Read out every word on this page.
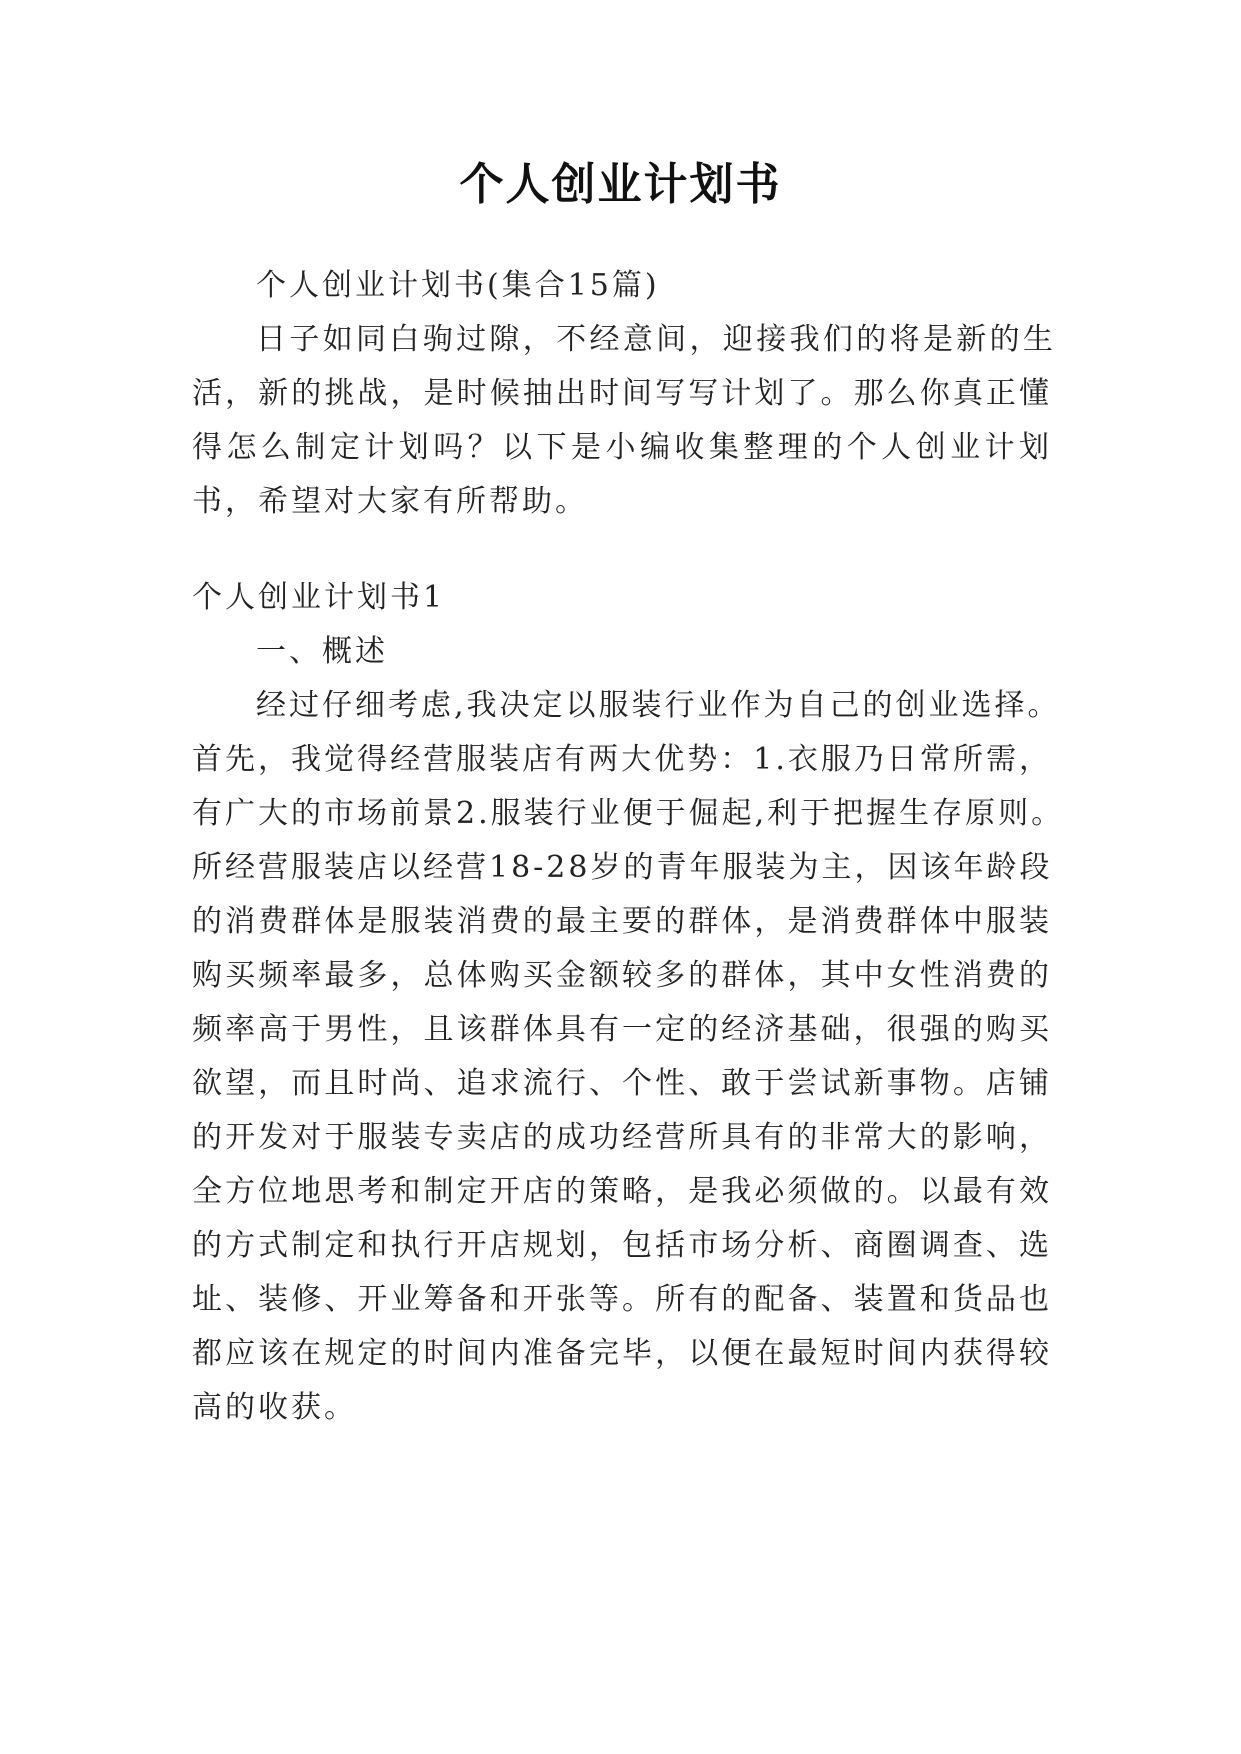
个人创业计划书
个人创业计划书(集合15篇)
日子如同白驹过隙，不经意间，迎接我们的将是新的生
活，新的挑战，是时候抽出时间写写计划了。那么你真正懂
得怎么制定计划吗？以下是小编收集整理的个人创业计划
书，希望对大家有所帮助。
个人创业计划书1
一、概述
经过仔细考虑,我决定以服装行业作为自己的创业选择。
首先，我觉得经营服装店有两大优势：1.衣服乃日常所需，
有广大的市场前景2.服装行业便于倔起,利于把握生存原则。
所经营服装店以经营18-28岁的青年服装为主，因该年龄段
的消费群体是服装消费的最主要的群体，是消费群体中服装
购买频率最多，总体购买金额较多的群体，其中女性消费的
频率高于男性，且该群体具有一定的经济基础，很强的购买
欲望，而且时尚、追求流行、个性、敢于尝试新事物。店铺
的开发对于服装专卖店的成功经营所具有的非常大的影响，
全方位地思考和制定开店的策略，是我必须做的。以最有效
的方式制定和执行开店规划，包括市场分析、商圈调查、选
址、装修、开业筹备和开张等。所有的配备、装置和货品也
都应该在规定的时间内准备完毕，以便在最短时间内获得较
高的收获。
